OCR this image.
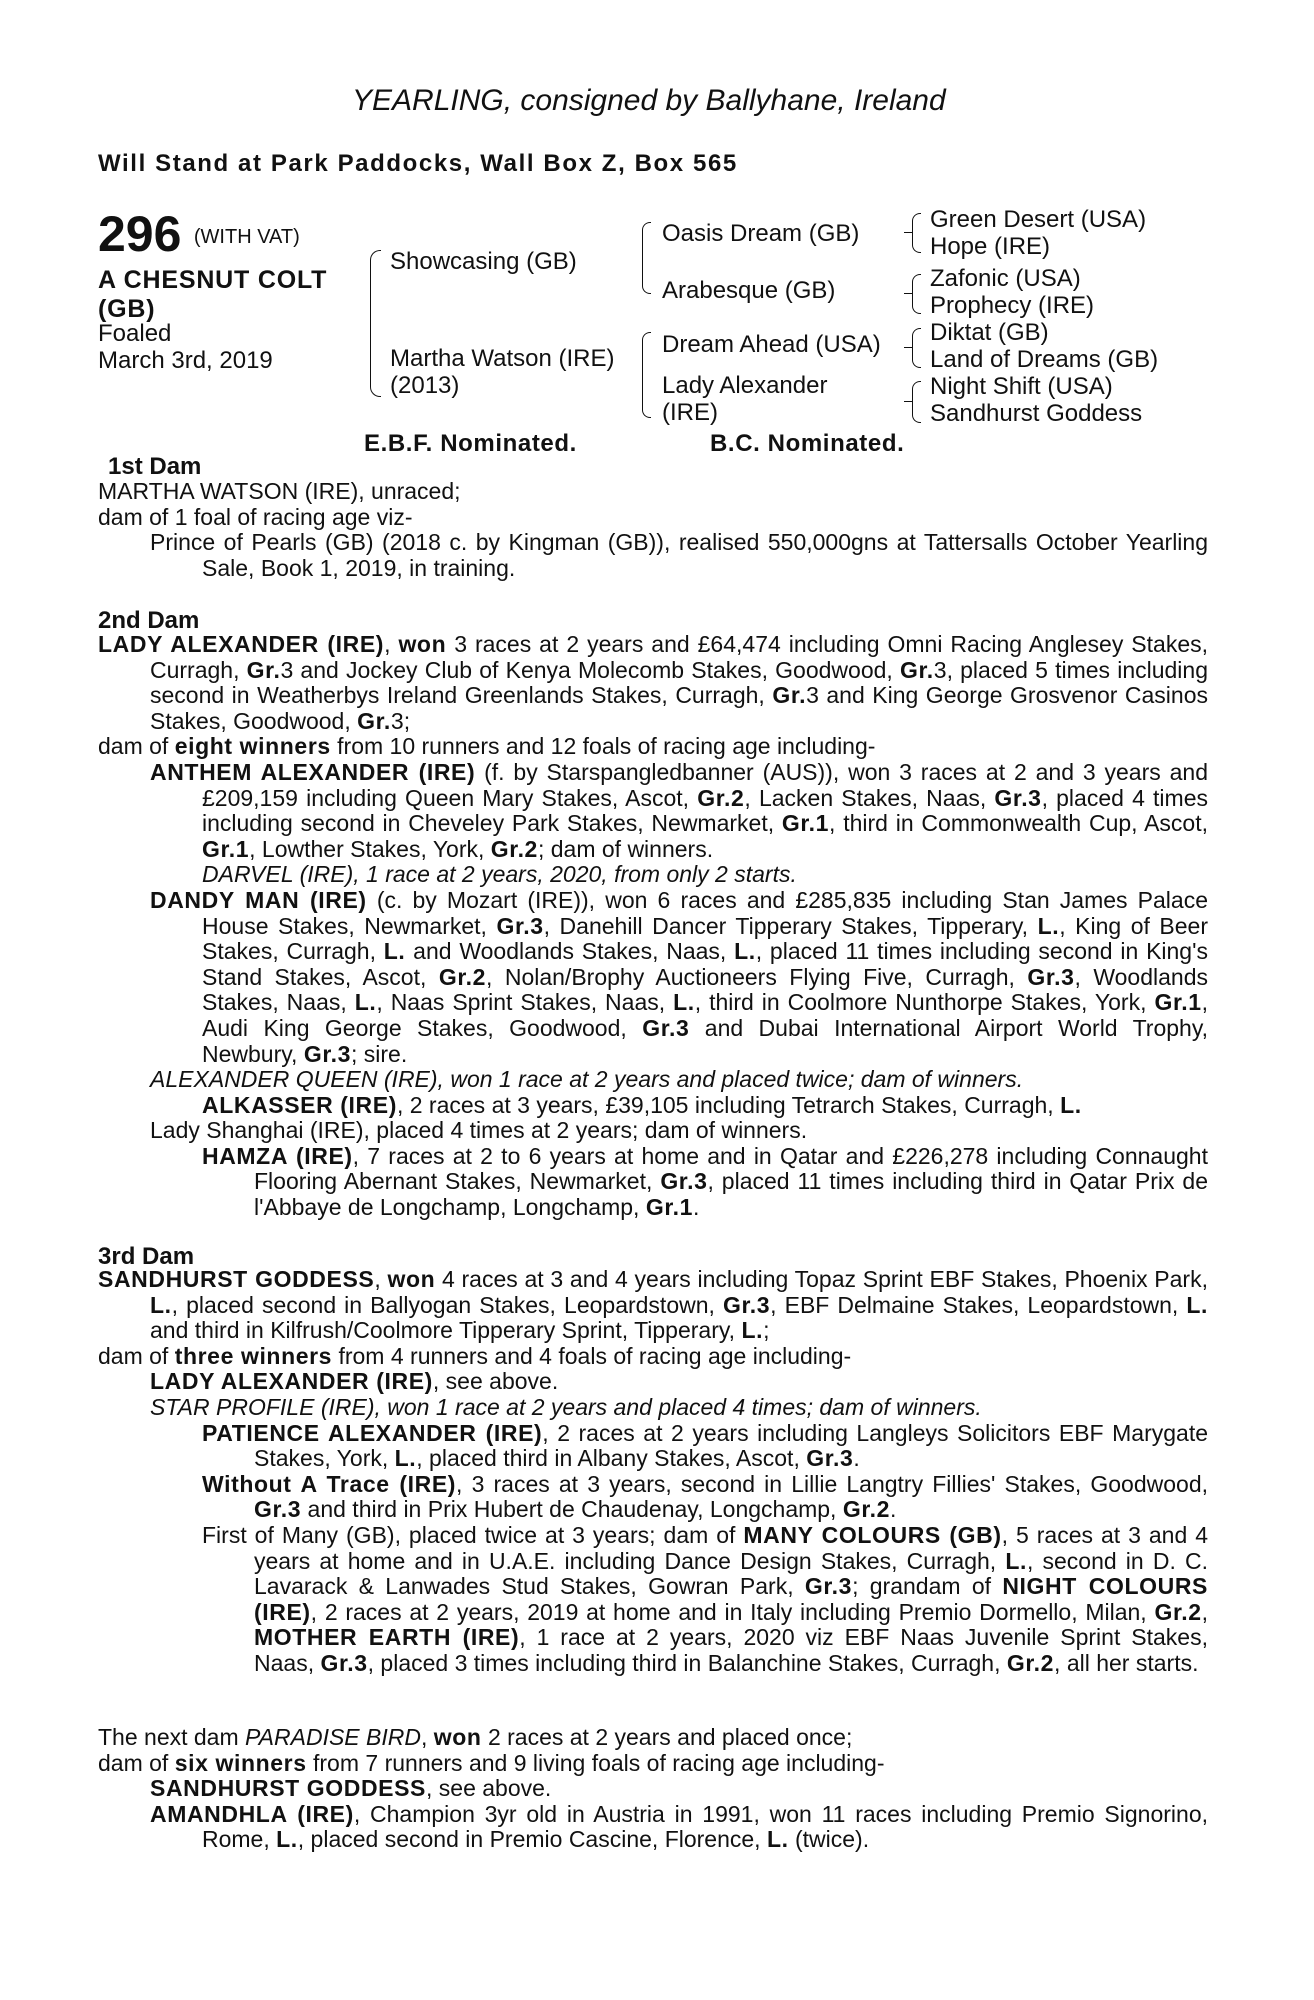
YEARLING, consigned by Ballyhane, Ireland
Will Stand at Park Paddocks, Wall Box Z, Box 565
296 (WITH VAT)
A CHESNUT COLT
(GB)
Foaled
March 3rd, 2019
Showcasing (GB)
Martha Watson (IRE)
(2013)
Oasis Dream (GB)
Arabesque (GB)
Dream Ahead (USA)
Lady Alexander
(IRE)
Green Desert (USA)
Hope (IRE)
Zafonic (USA)
Prophecy (IRE)
Diktat (GB)
Land of Dreams (GB)
Night Shift (USA)
Sandhurst Goddess
E.B.F. Nominated.	B.C. Nominated.
1st Dam
MARTHA WATSON (IRE), unraced;
dam of 1 foal of racing age viz-
Prince of Pearls (GB) (2018 c. by Kingman (GB)), realised 550,000gns at Tattersalls October Yearling Sale, Book 1, 2019, in training.
2nd Dam
LADY ALEXANDER (IRE), won 3 races at 2 years and £64,474 including Omni Racing Anglesey Stakes, Curragh, Gr.3 and Jockey Club of Kenya Molecomb Stakes, Goodwood, Gr.3, placed 5 times including second in Weatherbys Ireland Greenlands Stakes, Curragh, Gr.3 and King George Grosvenor Casinos Stakes, Goodwood, Gr.3;
dam of eight winners from 10 runners and 12 foals of racing age including-
ANTHEM ALEXANDER (IRE) (f. by Starspangledbanner (AUS)), won 3 races at 2 and 3 years and £209,159 including Queen Mary Stakes, Ascot, Gr.2, Lacken Stakes, Naas, Gr.3, placed 4 times including second in Cheveley Park Stakes, Newmarket, Gr.1, third in Commonwealth Cup, Ascot, Gr.1, Lowther Stakes, York, Gr.2; dam of winners.
DARVEL (IRE), 1 race at 2 years, 2020, from only 2 starts.
DANDY MAN (IRE) (c. by Mozart (IRE)), won 6 races and £285,835 including Stan James Palace House Stakes, Newmarket, Gr.3, Danehill Dancer Tipperary Stakes, Tipperary, L., King of Beer Stakes, Curragh, L. and Woodlands Stakes, Naas, L., placed 11 times including second in King's Stand Stakes, Ascot, Gr.2, Nolan/Brophy Auctioneers Flying Five, Curragh, Gr.3, Woodlands Stakes, Naas, L., Naas Sprint Stakes, Naas, L., third in Coolmore Nunthorpe Stakes, York, Gr.1, Audi King George Stakes, Goodwood, Gr.3 and Dubai International Airport World Trophy, Newbury, Gr.3; sire.
ALEXANDER QUEEN (IRE), won 1 race at 2 years and placed twice; dam of winners.
ALKASSER (IRE), 2 races at 3 years, £39,105 including Tetrarch Stakes, Curragh, L.
Lady Shanghai (IRE), placed 4 times at 2 years; dam of winners.
HAMZA (IRE), 7 races at 2 to 6 years at home and in Qatar and £226,278 including Connaught Flooring Abernant Stakes, Newmarket, Gr.3, placed 11 times including third in Qatar Prix de l'Abbaye de Longchamp, Longchamp, Gr.1.
3rd Dam
SANDHURST GODDESS, won 4 races at 3 and 4 years including Topaz Sprint EBF Stakes, Phoenix Park, L., placed second in Ballyogan Stakes, Leopardstown, Gr.3, EBF Delmaine Stakes, Leopardstown, L. and third in Kilfrush/Coolmore Tipperary Sprint, Tipperary, L.;
dam of three winners from 4 runners and 4 foals of racing age including-
LADY ALEXANDER (IRE), see above.
STAR PROFILE (IRE), won 1 race at 2 years and placed 4 times; dam of winners.
PATIENCE ALEXANDER (IRE), 2 races at 2 years including Langleys Solicitors EBF Marygate Stakes, York, L., placed third in Albany Stakes, Ascot, Gr.3.
Without A Trace (IRE), 3 races at 3 years, second in Lillie Langtry Fillies' Stakes, Goodwood, Gr.3 and third in Prix Hubert de Chaudenay, Longchamp, Gr.2.
First of Many (GB), placed twice at 3 years; dam of MANY COLOURS (GB), 5 races at 3 and 4 years at home and in U.A.E. including Dance Design Stakes, Curragh, L., second in D. C. Lavarack & Lanwades Stud Stakes, Gowran Park, Gr.3; grandam of NIGHT COLOURS (IRE), 2 races at 2 years, 2019 at home and in Italy including Premio Dormello, Milan, Gr.2, MOTHER EARTH (IRE), 1 race at 2 years, 2020 viz EBF Naas Juvenile Sprint Stakes, Naas, Gr.3, placed 3 times including third in Balanchine Stakes, Curragh, Gr.2, all her starts.
The next dam PARADISE BIRD, won 2 races at 2 years and placed once;
dam of six winners from 7 runners and 9 living foals of racing age including-
SANDHURST GODDESS, see above.
AMANDHLA (IRE), Champion 3yr old in Austria in 1991, won 11 races including Premio Signorino, Rome, L., placed second in Premio Cascine, Florence, L. (twice).
